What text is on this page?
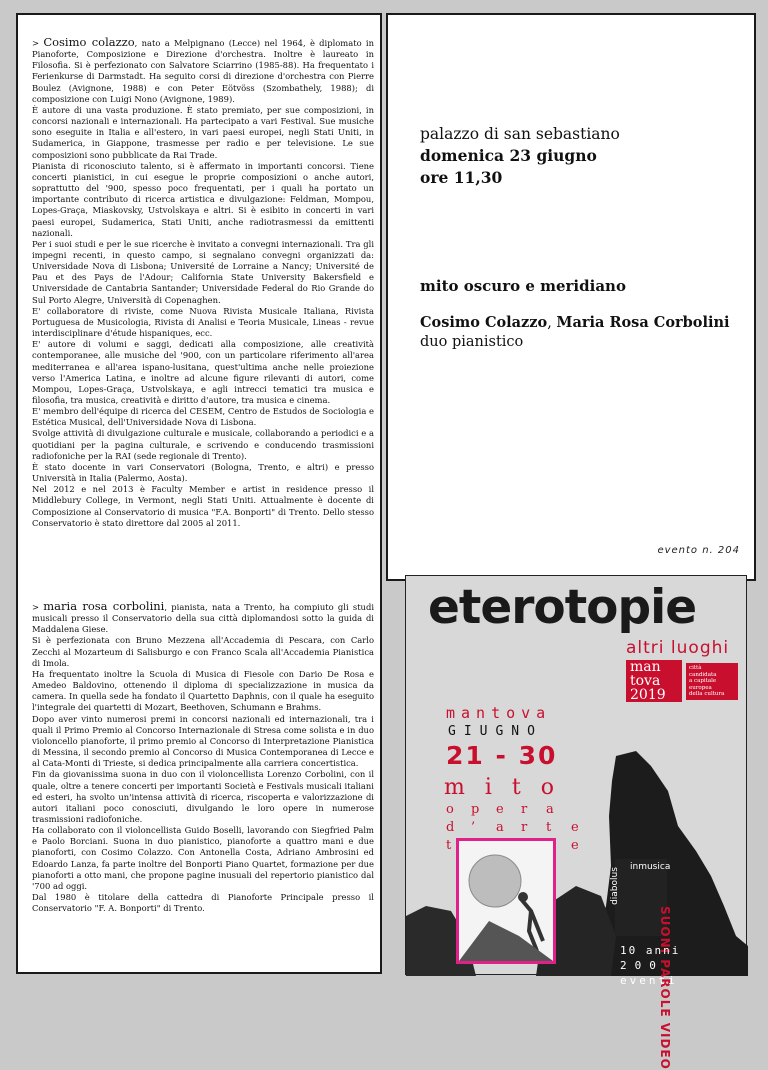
> Cosimo colazzo, nato a Melpignano (Lecce) nel 1964, è diplomato in Pianoforte, Composizione e Direzione d'orchestra. Inoltre è laureato in Filosofia. Si è perfezionato con Salvatore Sciarrino (1985-88). Ha frequentato i Ferienkurse di Darmstadt. Ha seguito corsi di direzione d'orchestra con Pierre Boulez (Avignone, 1988) e con Peter Eötvöss (Szombathely, 1988); di composizione con Luigi Nono (Avignone, 1989).

È autore di una vasta produzione. È stato premiato, per sue composizioni, in concorsi nazionali e internazionali. Ha partecipato a vari Festival. Sue musiche sono eseguite in Italia e all'estero, in vari paesi europei, negli Stati Uniti, in Sudamerica, in Giappone, trasmesse per radio e per televisione. Le sue composizioni sono pubblicate da Rai Trade.

Pianista di riconosciuto talento, si è affermato in importanti concorsi. Tiene concerti pianistici, in cui esegue le proprie composizioni o anche autori, soprattutto del '900, spesso poco frequentati, per i quali ha portato un importante contributo di ricerca artistica e divulgazione: Feldman, Mompou, Lopes-Graça, Miaskovsky, Ustvolskaya e altri. Si è esibito in concerti in vari paesi europei, Sudamerica, Stati Uniti, anche radiotrasmessi da emittenti nazionali.

Per i suoi studi e per le sue ricerche è invitato a convegni internazionali. Tra gli impegni recenti, in questo campo, si segnalano convegni organizzati da: Universidade Nova di Lisbona; Université de Lorraine a Nancy; Université de Pau et des Pays de l'Adour; California State University Bakersfield e Universidade de Cantabria Santander; Universidade Federal do Rio Grande do Sul Porto Alegre, Università di Copenaghen.

E' collaboratore di riviste, come Nuova Rivista Musicale Italiana, Rivista Portuguesa de Musicologia, Rivista di Analisi e Teoria Musicale, Lineas - revue interdisciplinare d'étude hispaniques, ecc.

E' autore di volumi e saggi, dedicati alla composizione, alle creatività contemporanee, alle musiche del '900, con un particolare riferimento all'area mediterranea e all'area ispano-lusitana, quest'ultima anche nelle proiezione verso l'America Latina, e inoltre ad alcune figure rilevanti di autori, come Mompou, Lopes-Graça, Ustvolskaya, e agli intrecci tematici tra musica e filosofia, tra musica, creatività e diritto d'autore, tra musica e cinema.

E' membro dell'équipe di ricerca del CESEM, Centro de Estudos de Sociologia e Estética Musical, dell'Universidade Nova di Lisbona.

Svolge attività di divulgazione culturale e musicale, collaborando a periodici e a quotidiani per la pagina culturale, e scrivendo e conducendo trasmissioni radiofoniche per la RAI (sede regionale di Trento).

È stato docente in vari Conservatori (Bologna, Trento, e altri) e presso Università in Italia (Palermo, Aosta).

Nel 2012 e nel 2013 è Faculty Member e artist in residence presso il Middlebury College, in Vermont, negli Stati Uniti. Attualmente è docente di Composizione al Conservatorio di musica "F.A. Bonporti" di Trento. Dello stesso Conservatorio è stato direttore dal 2005 al 2011.

> maria rosa corbolini, pianista, nata a Trento, ha compiuto gli studi musicali presso il Conservatorio della sua città diplomandosi sotto la guida di Maddalena Giese.

Si è perfezionata con Bruno Mezzena all'Accademia di Pescara, con Carlo Zecchi al Mozarteum di Salisburgo e con Franco Scala all'Accademia Pianistica di Imola.

Ha frequentato inoltre la Scuola di Musica di Fiesole con Dario De Rosa e Amedeo Baldovino, ottenendo il diploma di specializzazione in musica da camera. In quella sede ha fondato il Quartetto Daphnis, con il quale ha eseguito l'integrale dei quartetti di Mozart, Beethoven, Schumann e Brahms.

Dopo aver vinto numerosi premi in concorsi nazionali ed internazionali, tra i quali il Primo Premio al Concorso Internazionale di Stresa come solista e in duo violoncello pianoforte, il primo premio al Concorso di Interpretazione Pianistica di Messina, il secondo premio al Concorso di Musica Contemporanea di Lecce e al Cata-Monti di Trieste, si dedica principalmente alla carriera concertistica.

Fin da giovanissima suona in duo con il violoncellista Lorenzo Corbolini, con il quale, oltre a tenere concerti per importanti Società e Festivals musicali italiani ed esteri, ha svolto un'intensa attività di ricerca, riscoperta e valorizzazione di autori italiani poco conosciuti, divulgando le loro opere in numerose trasmissioni radiofoniche.

Ha collaborato con il violoncellista Guido Boselli, lavorando con Siegfried Palm e Paolo Borciani. Suona in duo pianistico, pianoforte a quattro mani e due pianoforti, con Cosimo Colazzo. Con Antonella Costa, Adriano Ambrosini ed Edoardo Lanza, fa parte inoltre del Bonporti Piano Quartet, formazione per due pianoforti a otto mani, che propone pagine inusuali del repertorio pianistico dal '700 ad oggi.

Dal 1980 è titolare della cattedra di Pianoforte Principale presso il Conservatorio "F. A. Bonporti" di Trento.

palazzo di san sebastiano
domenica 23 giugno
ore 11,30
mito oscuro e meridiano
Cosimo Colazzo, Maria Rosa Corbolini
duo pianistico
evento n. 204
eterotopie
altri luoghi
man
tova
2019
città
candidata
a capitale
europea
della cultura
mantova
GIUGNO
21 - 30
mito
o p e r a
d ’ a r t e
t	e
inmusica
diabolus
SUONI PAROLE VIDEO
10 anni
200
eventi
